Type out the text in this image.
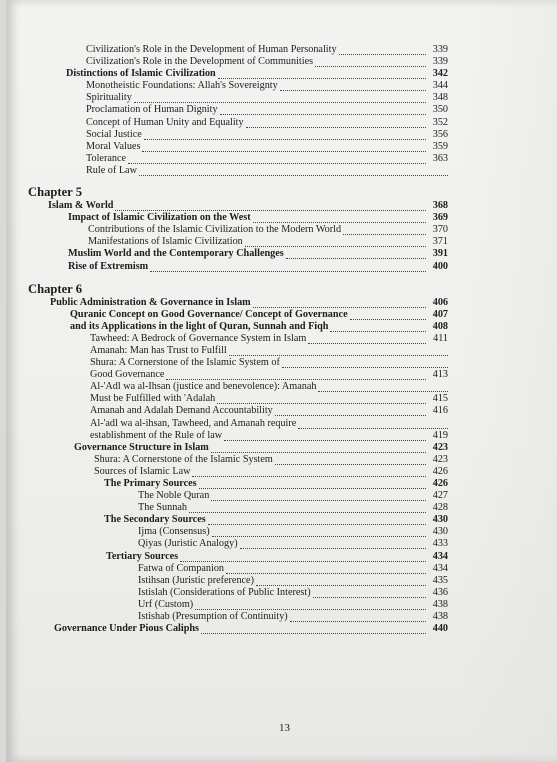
Civilization's Role in the Development of Human Personality	339
Civilization's Role in the Development of Communities	339
Distinctions of Islamic Civilization	342
Monotheistic Foundations: Allah's Sovereignty	344
Spirituality	348
Proclamation of Human Dignity	350
Concept of Human Unity and Equality	352
Social Justice	356
Moral Values	359
Tolerance	363
Rule of Law
Chapter 5
Islam & World	368
Impact of Islamic Civilization on the West	369
Contributions of the Islamic Civilization to the Modern World	370
Manifestations of Islamic Civilization	371
Muslim World and the Contemporary Challenges	391
Rise of Extremism	400
Chapter 6
Public Administration & Governance in Islam	406
Quranic Concept on Good Governance/ Concept of Governance	407
and its Applications in the light of Quran, Sunnah and Fiqh	408
Tawheed: A Bedrock of Governance System in Islam	411
Amanah: Man has Trust to Fulfill
Shura: A Cornerstone of the Islamic System of
Good Governance	413
Al-'Adl wa al-Ihsan (justice and benevolence): Amanah
Must be Fulfilled with 'Adalah	415
Amanah and Adalah Demand Accountability	416
Al-'adl wa al-ihsan, Tawheed, and Amanah require
establishment of the Rule of law	419
Governance Structure in Islam	423
Shura: A Cornerstone of the Islamic System	423
Sources of Islamic Law	426
The Primary Sources	426
The Noble Quran	427
The Sunnah	428
The Secondary Sources	430
Ijma (Consensus)	430
Qiyas (Juristic Analogy)	433
Tertiary Sources	434
Fatwa of Companion	434
Istihsan (Juristic preference)	435
Istislah (Considerations of Public Interest)	436
Urf (Custom)	438
Istishab (Presumption of Continuity)	438
Governance Under Pious Caliphs	440
13
